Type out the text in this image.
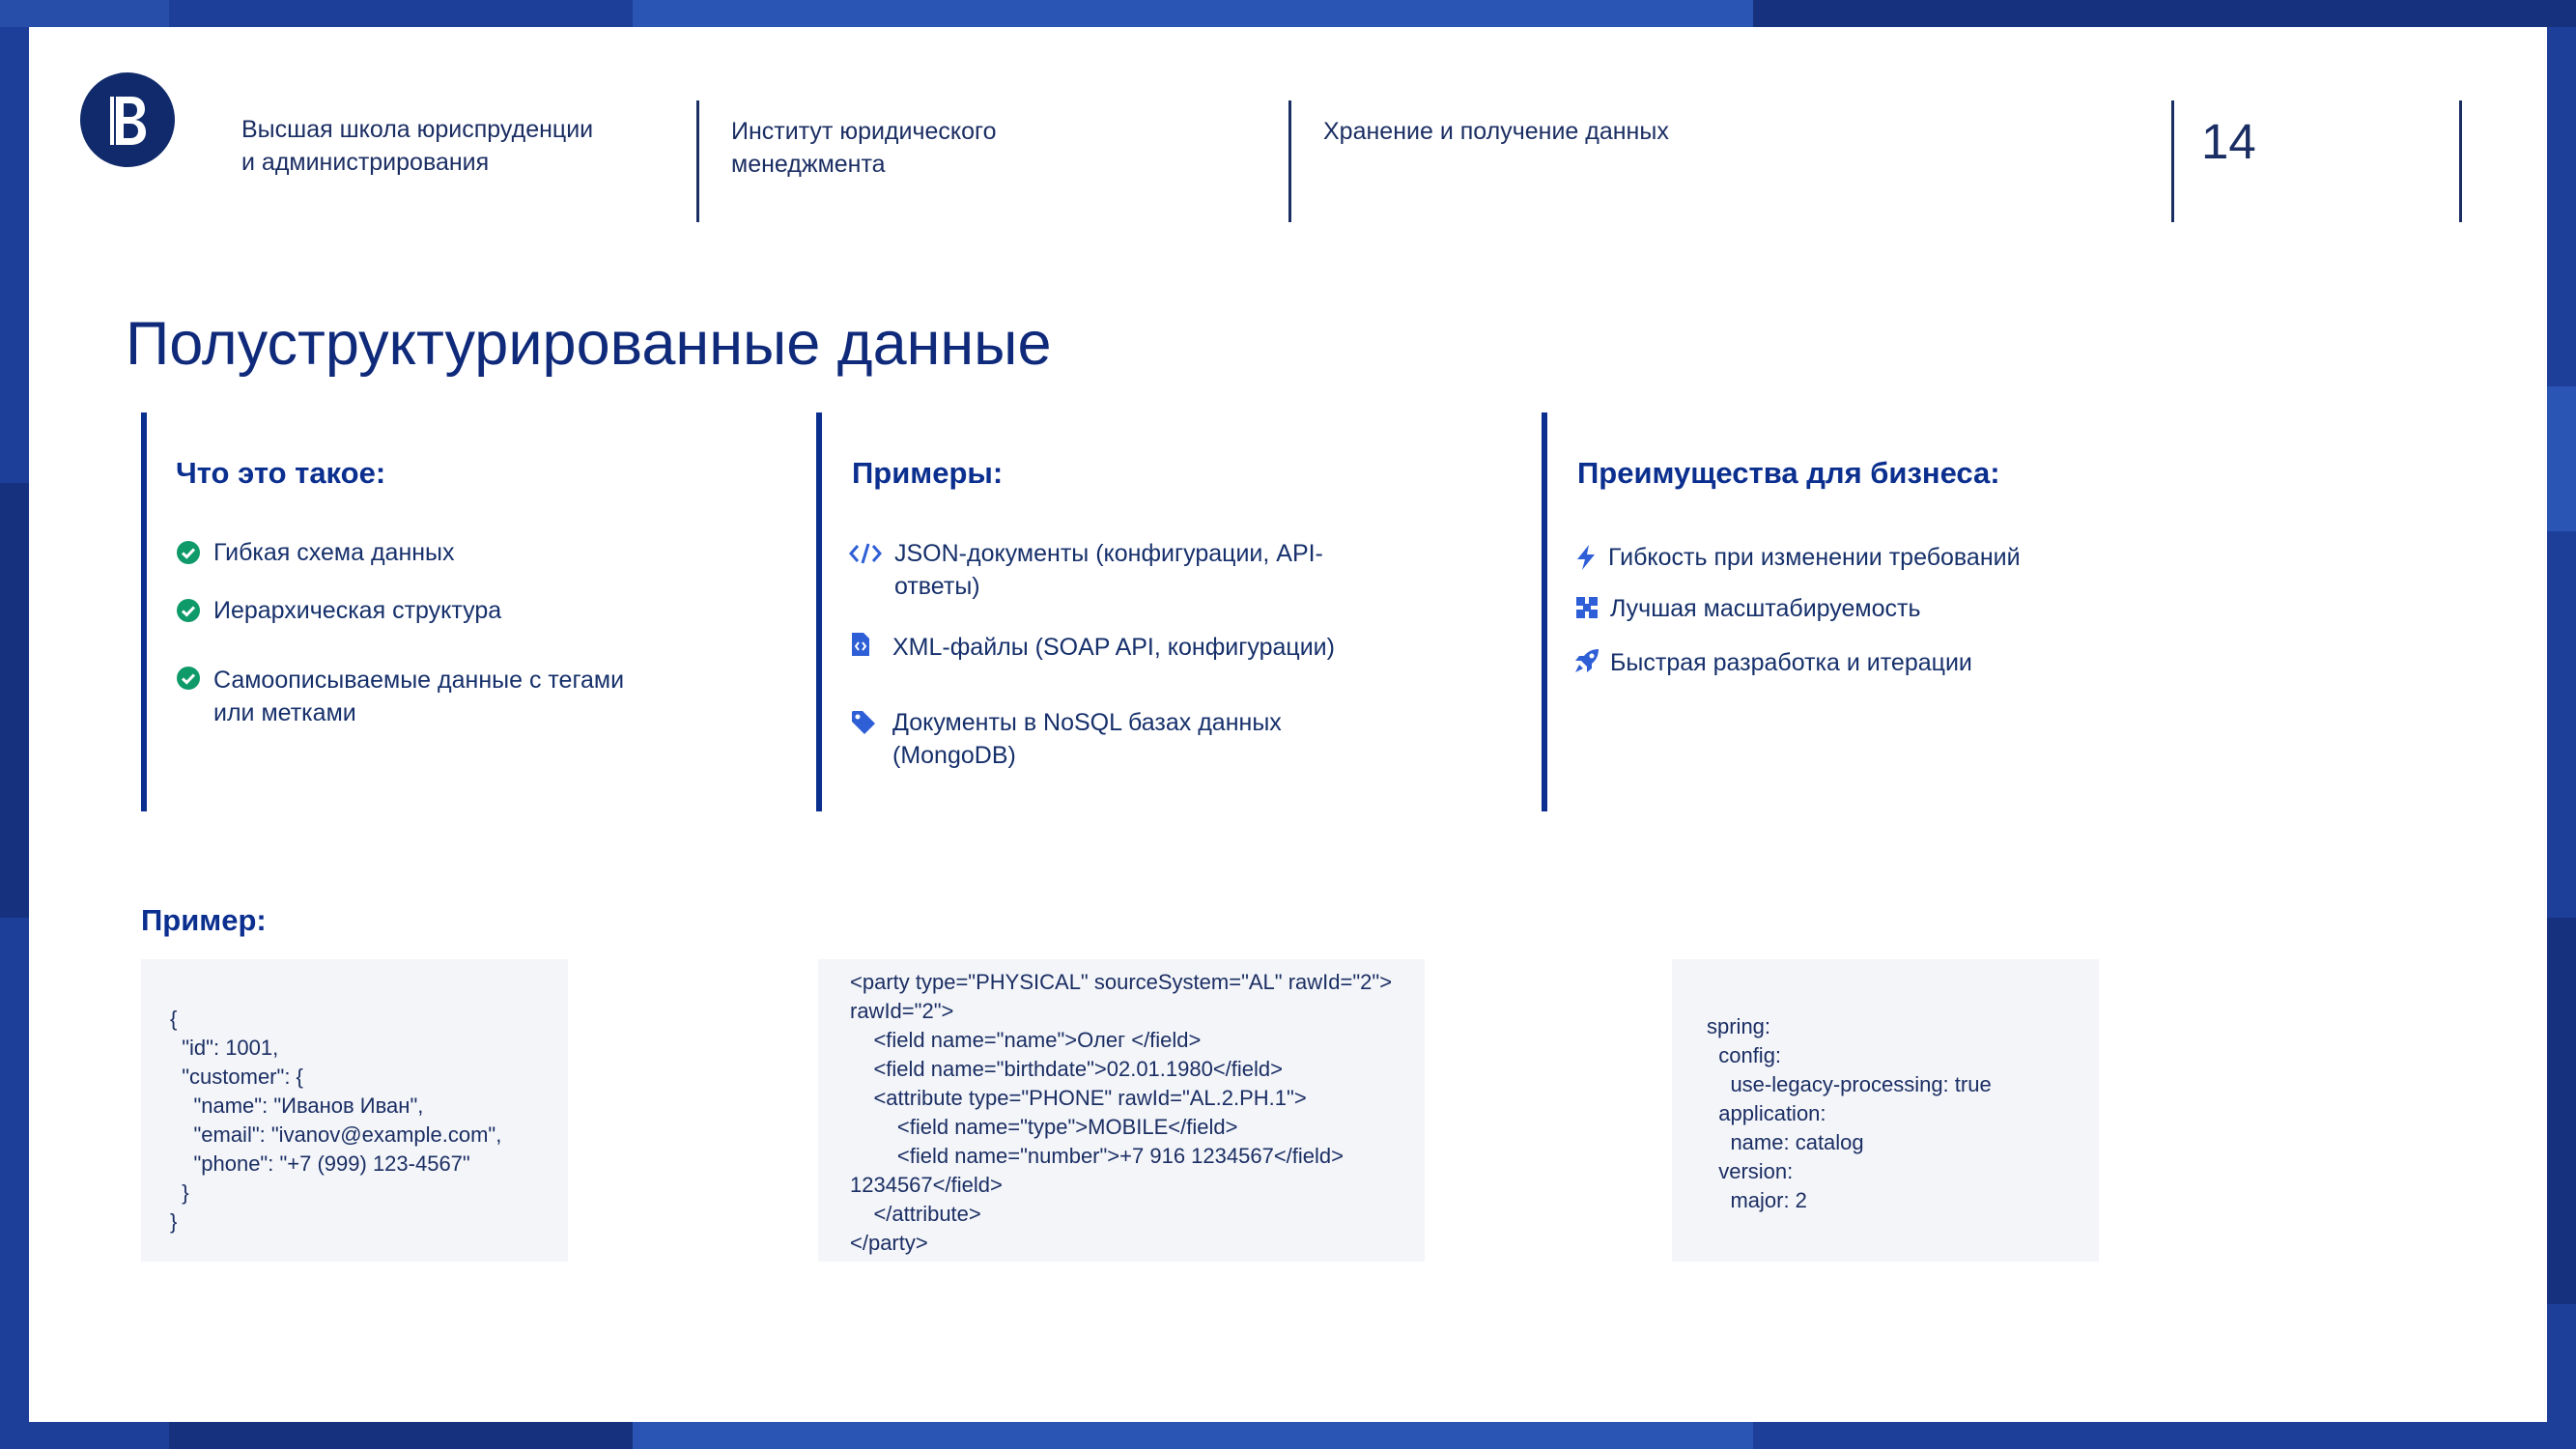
Высшая школа юриспруденции
и администрирования
Институт юридического
менеджмента
Хранение и получение данных	14
Полуструктурированные данные
Что это такое:
Гибкая схема данных
Иерархическая структура
Самоописываемые данные с тегами
или метками
Примеры:
JSON-документы (конфигурации, API-
ответы)
XML-файлы (SOAP API, конфигурации)
Документы в NoSQL базах данных
(MongoDB)
Преимущества для бизнеса:
Гибкость при изменении требований
Лучшая масштабируемость
Быстрая разработка и итерации
Пример:
{
"id": 1001,
"customer": {
"name": "Иванов Иван",
"email": "ivanov@example.com",
"phone": "+7 (999) 123-4567"
}
}
<party type="PHYSICAL" sourceSystem="AL" rawId="2">
rawId="2">
<field name="name">Олег </field>
<field name="birthdate">02.01.1980</field>
<attribute type="PHONE" rawId="AL.2.PH.1">
<field name="type">MOBILE</field>
<field name="number">+7 916 1234567</field>
1234567</field>
</attribute>
</party>
spring:
config:
use-legacy-processing: true
application:
name: catalog
version:
major: 2
